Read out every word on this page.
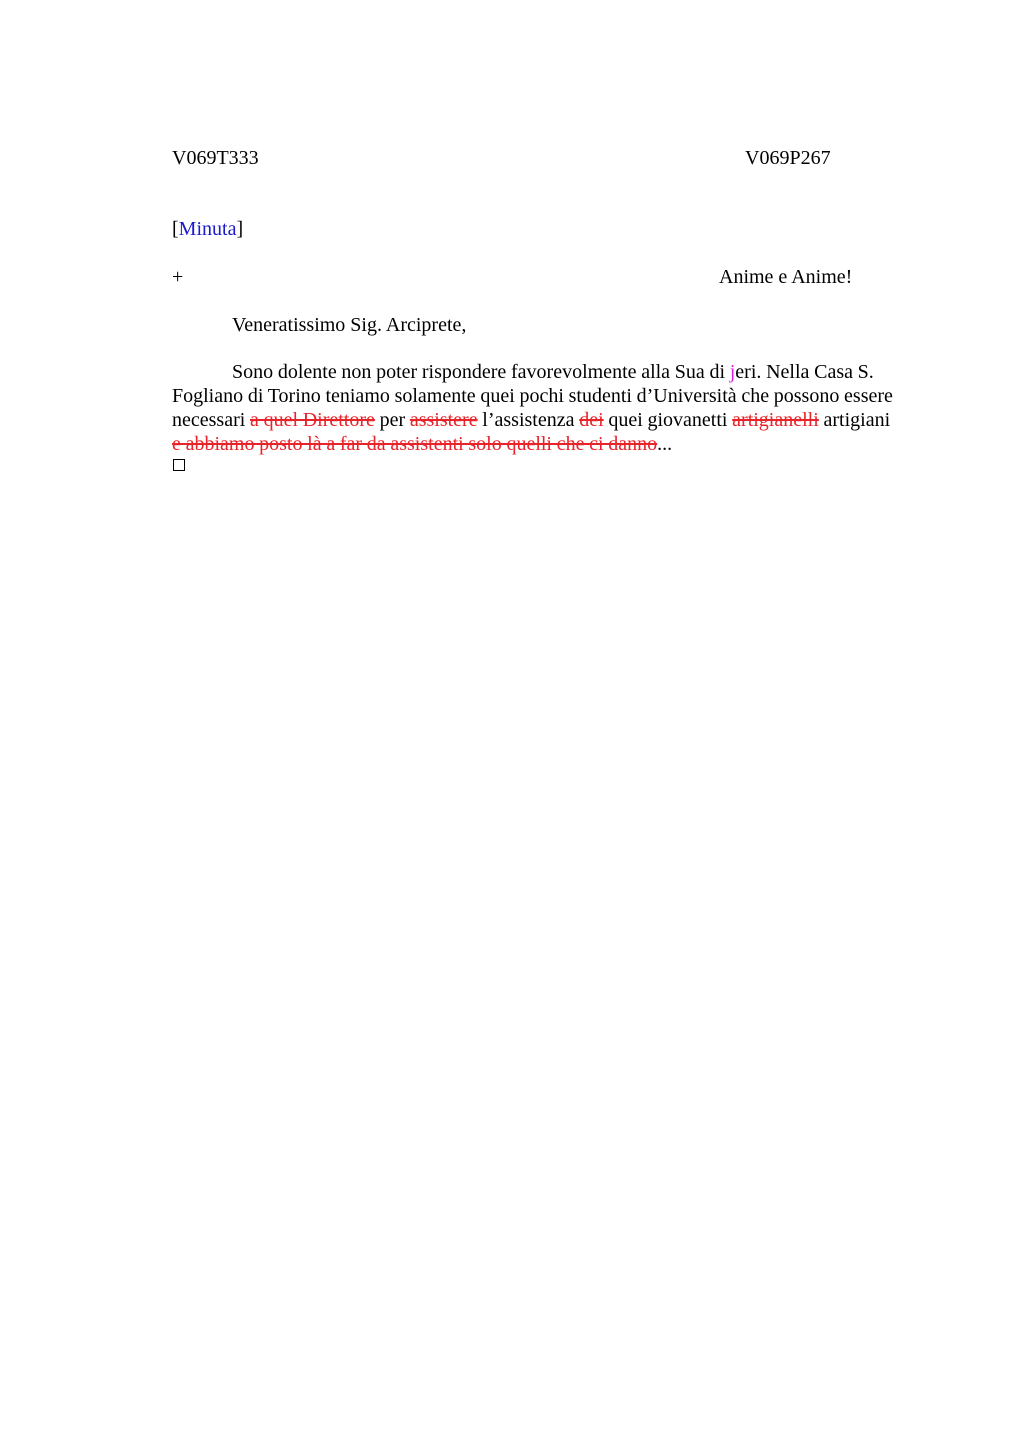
V069T333	V069P267
[Minuta]
+	Anime e Anime!
Veneratissimo Sig. Arciprete,
Sono dolente non poter rispondere favorevolmente alla Sua di jeri. Nella Casa S.
Fogliano di Torino teniamo solamente quei pochi studenti d’Università che possono essere
necessari a quel Direttore per assistere l’assistenza dei quei giovanetti artigianelli artigiani
e abbiamo posto là a far da assistenti solo quelli che ci danno...
